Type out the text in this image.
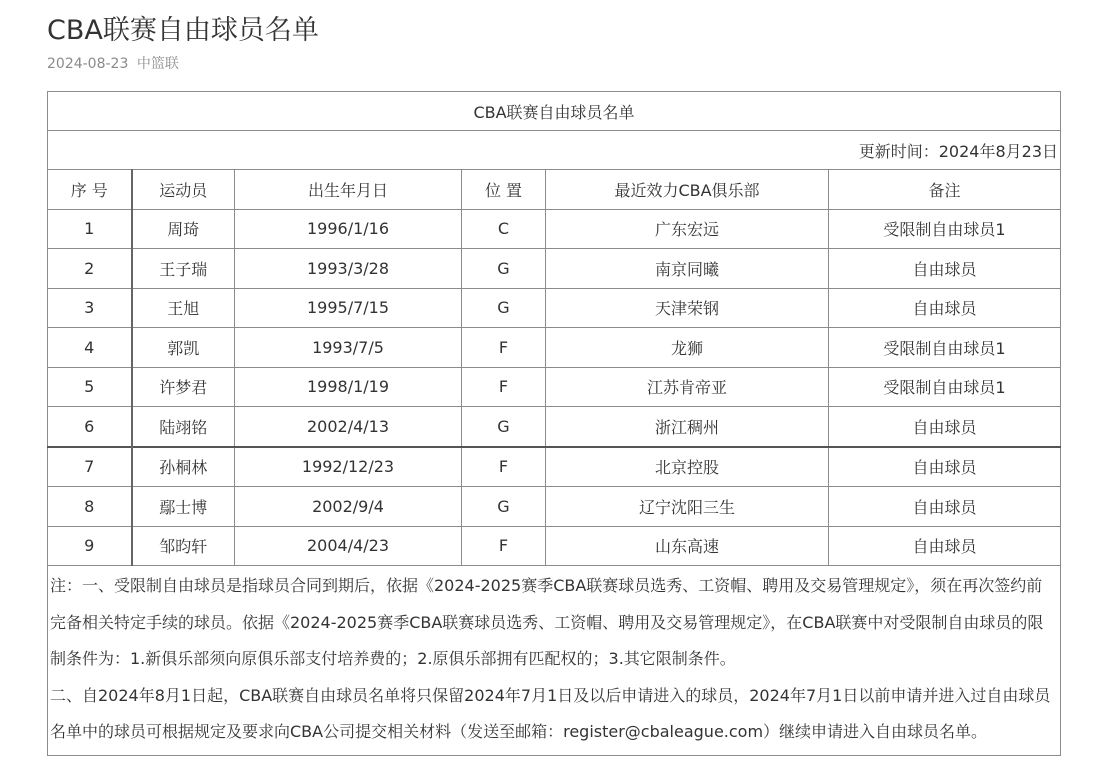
CBA联赛自由球员名单
2024-08-23 中篮联
CBA联赛自由球员名单					
更新时间：2024年8月23日					
序 号	运动员	出生年月日	位 置	最近效力CBA俱乐部	备注
1	周琦	1996/1/16	C	广东宏远	受限制自由球员1
2	王子瑞	1993/3/28	G	南京同曦	自由球员
3	王旭	1995/7/15	G	天津荣钢	自由球员
4	郭凯	1993/7/5	F	龙狮	受限制自由球员1
5	许梦君	1998/1/19	F	江苏肯帝亚	受限制自由球员1
6	陆翊铭	2002/4/13	G	浙江稠州	自由球员
7	孙桐林	1992/12/23	F	北京控股	自由球员
8	鄢士博	2002/9/4	G	辽宁沈阳三生	自由球员
9	邹昀轩	2004/4/23	F	山东高速	自由球员

注：一、受限制自由球员是指球员合同到期后，依据《2024-2025赛季CBA联赛球员选秀、工资帽、聘用及交易管理规定》，须在再次签约前完备相关特定手续的球员。依据《2024-2025赛季CBA联赛球员选秀、工资帽、聘用及交易管理规定》，在CBA联赛中对受限制自由球员的限制条件为：1.新俱乐部须向原俱乐部支付培养费的；2.原俱乐部拥有匹配权的；3.其它限制条件。

二、自2024年8月1日起，CBA联赛自由球员名单将只保留2024年7月1日及以后申请进入的球员，2024年7月1日以前申请并进入过自由球员名单中的球员可根据规定及要求向CBA公司提交相关材料（发送至邮箱：register@cbaleague.com）继续申请进入自由球员名单。					
